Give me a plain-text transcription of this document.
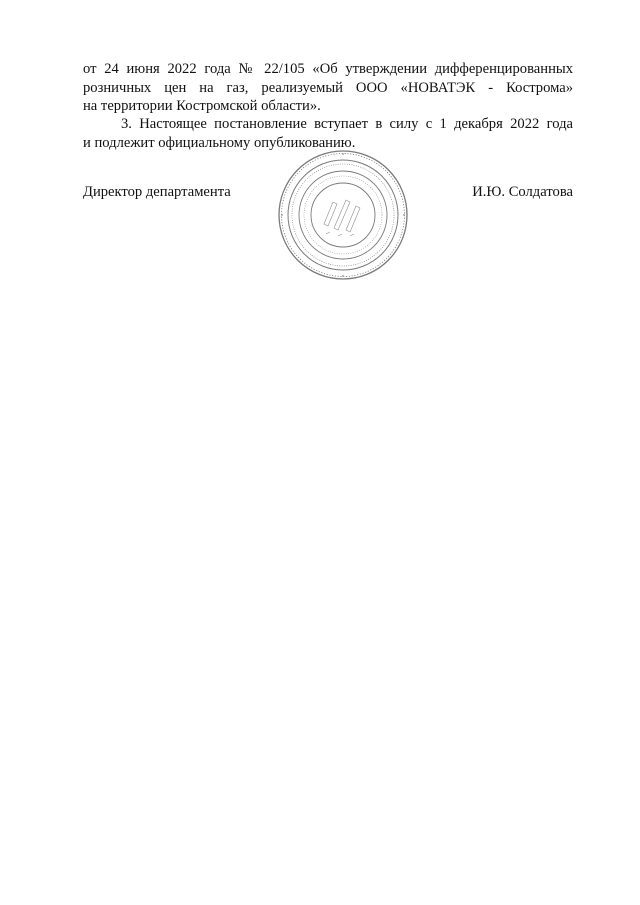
от 24 июня 2022 года № 22/105 «Об утверждении дифференцированных
розничных цен на газ, реализуемый ООО «НОВАТЭК - Кострома»
на территории Костромской области».
3. Настоящее постановление вступает в силу с 1 декабря 2022 года
и подлежит официальному опубликованию.
Директор департамента	И.Ю. Солдатова
